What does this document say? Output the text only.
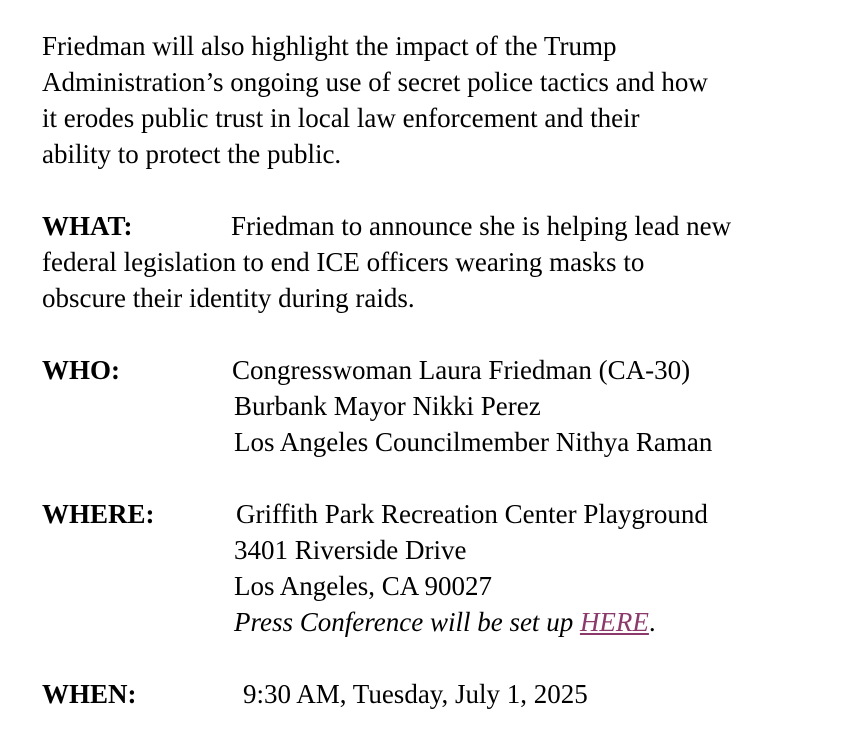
Friedman will also highlight the impact of the Trump
Administration’s ongoing use of secret police tactics and how
it erodes public trust in local law enforcement and their
ability to protect the public.
WHAT:	Friedman to announce she is helping lead new
federal legislation to end ICE officers wearing masks to
obscure their identity during raids.
WHO:	Congresswoman Laura Friedman (CA-30)
Burbank Mayor Nikki Perez
Los Angeles Councilmember Nithya Raman
WHERE:	Griffith Park Recreation Center Playground
3401 Riverside Drive
Los Angeles, CA 90027
Press Conference will be set up HERE.
WHEN:	9:30 AM, Tuesday, July 1, 2025
